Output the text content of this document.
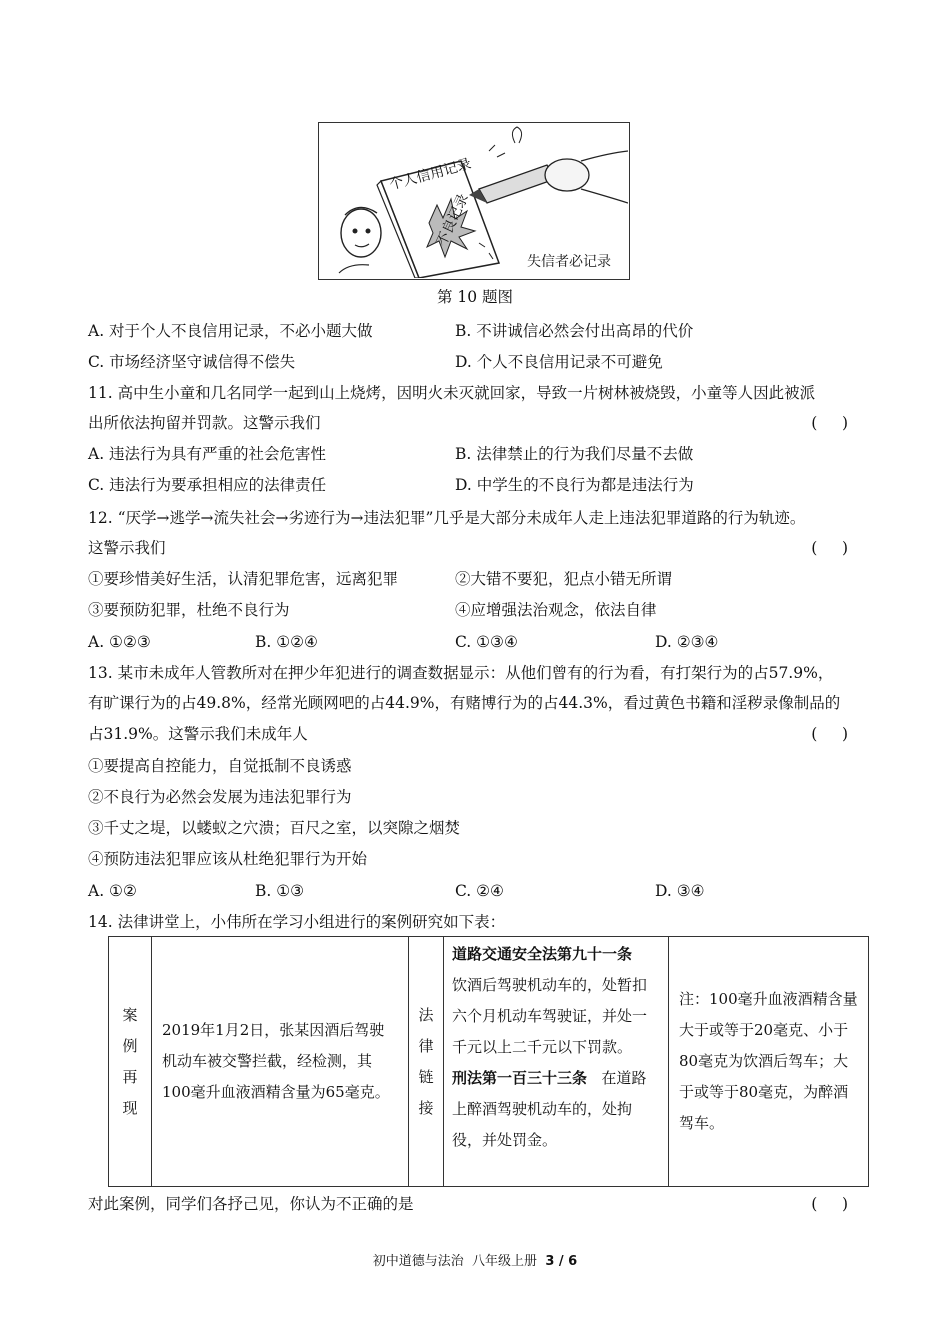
个人信用记录
不良记录
失信者必记录
第 10 题图
A. 对于个人不良信用记录，不必小题大做	B. 不讲诚信必然会付出高昂的代价
C. 市场经济坚守诚信得不偿失	D. 个人不良信用记录不可避免
11. 高中生小童和几名同学一起到山上烧烤，因明火未灭就回家，导致一片树林被烧毁，小童等人因此被派
出所依法拘留并罚款。这警示我们	(     )
A. 违法行为具有严重的社会危害性	B. 法律禁止的行为我们尽量不去做
C. 违法行为要承担相应的法律责任	D. 中学生的不良行为都是违法行为
12. “厌学→逃学→流失社会→劣迹行为→违法犯罪”几乎是大部分未成年人走上违法犯罪道路的行为轨迹。
这警示我们	(     )
①要珍惜美好生活，认清犯罪危害，远离犯罪	②大错不要犯，犯点小错无所谓
③要预防犯罪，杜绝不良行为	④应增强法治观念，依法自律
A. ①②③	B. ①②④	C. ①③④	D. ②③④
13. 某市未成年人管教所对在押少年犯进行的调查数据显示：从他们曾有的行为看，有打架行为的占57.9%，
有旷课行为的占49.8%，经常光顾网吧的占44.9%，有赌博行为的占44.3%，看过黄色书籍和淫秽录像制品的
占31.9%。这警示我们未成年人	(     )
①要提高自控能力，自觉抵制不良诱惑
②不良行为必然会发展为违法犯罪行为
③千丈之堤，以蝼蚁之穴溃；百尺之室，以突隙之烟焚
④预防违法犯罪应该从杜绝犯罪行为开始
A. ①②	B. ①③	C. ②④	D. ③④
14. 法律讲堂上，小伟所在学习小组进行的案例研究如下表：
案
例
再
现

2019年1月2日，张某因酒后驾驶机动车被交警拦截，经检测，其100毫升血液酒精含量为65毫克。

法
律
链
接

道路交通安全法第九十一条
饮酒后驾驶机动车的，处暂扣六个月机动车驾驶证，并处一千元以上二千元以下罚款。
刑法第一百三十三条 在道路上醉酒驾驶机动车的，处拘役，并处罚金。

注：100毫升血液酒精含量大于或等于20毫克、小于80毫克为饮酒后驾车；大于或等于80毫克，为醉酒驾车。
对此案例，同学们各抒己见，你认为不正确的是	(     )
初中道德与法治  八年级上册  3 / 6
